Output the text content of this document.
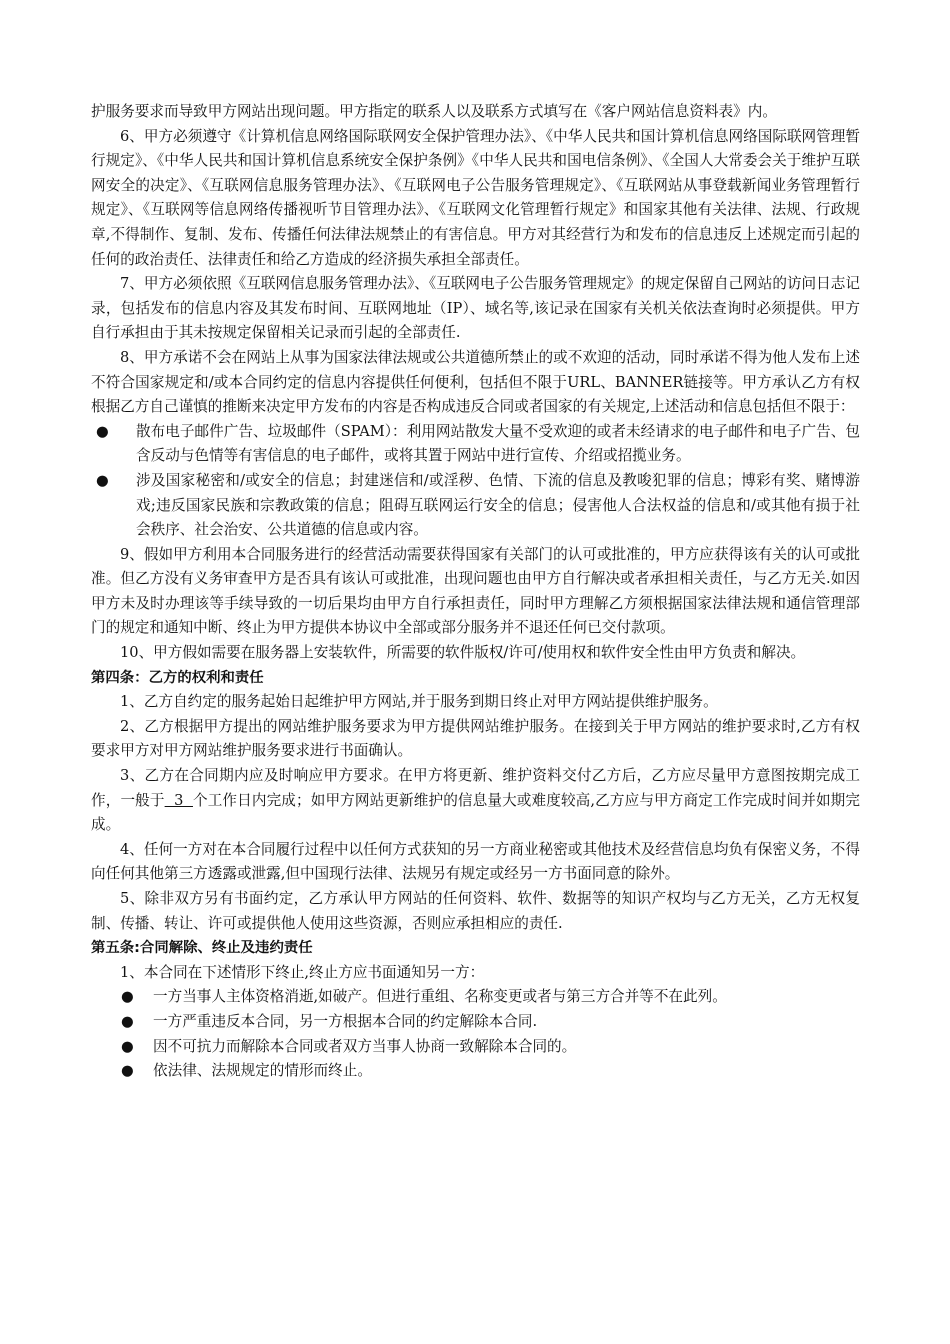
护服务要求而导致甲方网站出现问题。甲方指定的联系人以及联系方式填写在《客户网站信息资料表》内。

6、甲方必须遵守《计算机信息网络国际联网安全保护管理办法》、《中华人民共和国计算机信息网络国际联网管理暂行规定》、《中华人民共和国计算机信息系统安全保护条例》《中华人民共和国电信条例》、《全国人大常委会关于维护互联网安全的决定》、《互联网信息服务管理办法》、《互联网电子公告服务管理规定》、《互联网站从事登载新闻业务管理暂行规定》、《互联网等信息网络传播视听节目管理办法》、《互联网文化管理暂行规定》和国家其他有关法律、法规、行政规章,不得制作、复制、发布、传播任何法律法规禁止的有害信息。甲方对其经营行为和发布的信息违反上述规定而引起的任何的政治责任、法律责任和给乙方造成的经济损失承担全部责任。

7、甲方必须依照《互联网信息服务管理办法》、《互联网电子公告服务管理规定》的规定保留自己网站的访问日志记录，包括发布的信息内容及其发布时间、互联网地址（IP）、域名等,该记录在国家有关机关依法查询时必须提供。甲方自行承担由于其未按规定保留相关记录而引起的全部责任.

8、甲方承诺不会在网站上从事为国家法律法规或公共道德所禁止的或不欢迎的活动，同时承诺不得为他人发布上述不符合国家规定和/或本合同约定的信息内容提供任何便利，包括但不限于URL、BANNER链接等。甲方承认乙方有权根据乙方自己谨慎的推断来决定甲方发布的内容是否构成违反合同或者国家的有关规定,上述活动和信息包括但不限于：

●	散布电子邮件广告、垃圾邮件（SPAM）：利用网站散发大量不受欢迎的或者未经请求的电子邮件和电子广告、包含反动与色情等有害信息的电子邮件，或将其置于网站中进行宣传、介绍或招揽业务。

●	涉及国家秘密和/或安全的信息；封建迷信和/或淫秽、色情、下流的信息及教唆犯罪的信息；博彩有奖、赌博游戏;违反国家民族和宗教政策的信息；阻碍互联网运行安全的信息；侵害他人合法权益的信息和/或其他有损于社会秩序、社会治安、公共道德的信息或内容。

9、假如甲方利用本合同服务进行的经营活动需要获得国家有关部门的认可或批准的，甲方应获得该有关的认可或批准。但乙方没有义务审查甲方是否具有该认可或批准，出现问题也由甲方自行解决或者承担相关责任，与乙方无关.如因甲方未及时办理该等手续导致的一切后果均由甲方自行承担责任，同时甲方理解乙方须根据国家法律法规和通信管理部门的规定和通知中断、终止为甲方提供本协议中全部或部分服务并不退还任何已交付款项。

10、甲方假如需要在服务器上安装软件，所需要的软件版权/许可/使用权和软件安全性由甲方负责和解决。

第四条：乙方的权利和责任

1、乙方自约定的服务起始日起维护甲方网站,并于服务到期日终止对甲方网站提供维护服务。

2、乙方根据甲方提出的网站维护服务要求为甲方提供网站维护服务。在接到关于甲方网站的维护要求时,乙方有权要求甲方对甲方网站维护服务要求进行书面确认。

3、乙方在合同期内应及时响应甲方要求。在甲方将更新、维护资料交付乙方后，乙方应尽量甲方意图按期完成工作，一般于  3  个工作日内完成；如甲方网站更新维护的信息量大或难度较高,乙方应与甲方商定工作完成时间并如期完成。

4、任何一方对在本合同履行过程中以任何方式获知的另一方商业秘密或其他技术及经营信息均负有保密义务，不得向任何其他第三方透露或泄露,但中国现行法律、法规另有规定或经另一方书面同意的除外。

5、除非双方另有书面约定，乙方承认甲方网站的任何资料、软件、数据等的知识产权均与乙方无关，乙方无权复制、传播、转让、许可或提供他人使用这些资源，否则应承担相应的责任.

第五条:合同解除、终止及违约责任

1、本合同在下述情形下终止,终止方应书面通知另一方：

●	一方当事人主体资格消逝,如破产。但进行重组、名称变更或者与第三方合并等不在此列。

●	一方严重违反本合同，另一方根据本合同的约定解除本合同.

●	因不可抗力而解除本合同或者双方当事人协商一致解除本合同的。

●	依法律、法规规定的情形而终止。
